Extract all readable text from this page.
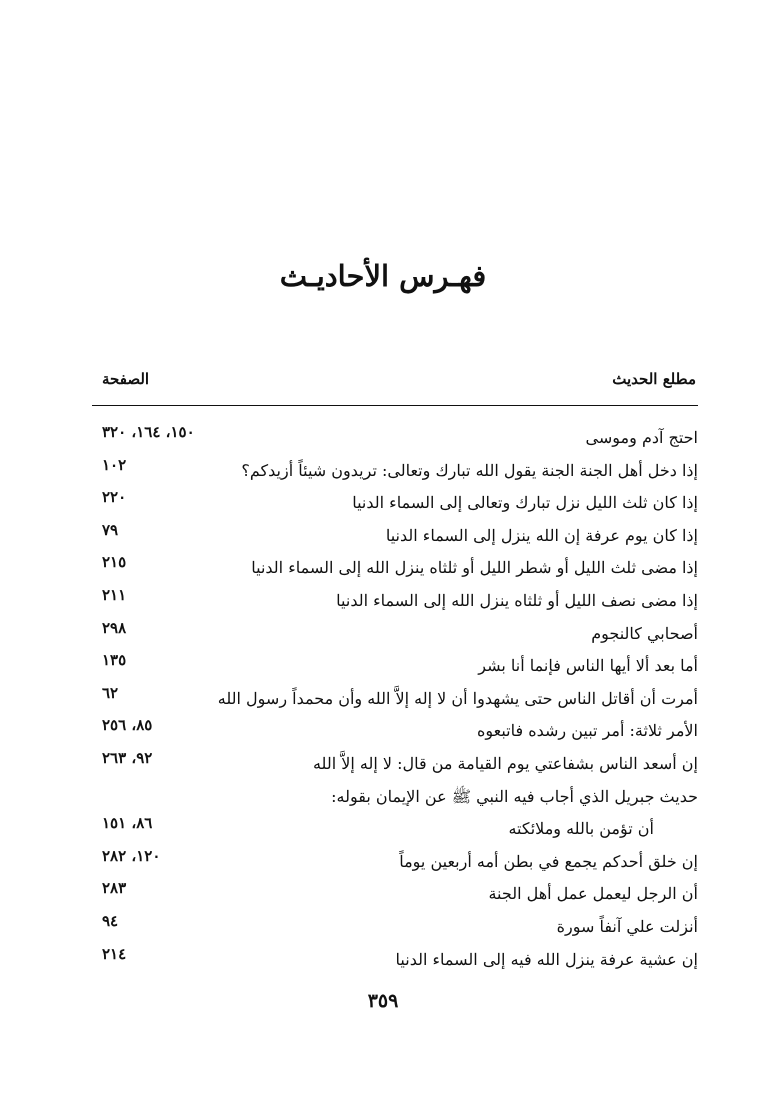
فهـرس الأحاديـث
مطلع الحديث
الصفحة
احتج آدم وموسى
١٥٠، ١٦٤، ٣٢٠
إذا دخل أهل الجنة الجنة يقول الله تبارك وتعالى: تريدون شيئاً أزيدكم؟
١٠٢
إذا كان ثلث الليل نزل تبارك وتعالى إلى السماء الدنيا
٢٢٠
إذا كان يوم عرفة إن الله ينزل إلى السماء الدنيا
٧٩
إذا مضى ثلث الليل أو شطر الليل أو ثلثاه ينزل الله إلى السماء الدنيا
٢١٥
إذا مضى نصف الليل أو ثلثاه ينزل الله إلى السماء الدنيا
٢١١
أصحابي كالنجوم
٢٩٨
أما بعد ألا أيها الناس فإنما أنا بشر
١٣٥
أمرت أن أقاتل الناس حتى يشهدوا أن لا إله إلاَّ الله وأن محمداً رسول الله
٦٢
الأمر ثلاثة: أمر تبين رشده فاتبعوه
٨٥، ٢٥٦
إن أسعد الناس بشفاعتي يوم القيامة من قال: لا إله إلاَّ الله
٩٢، ٢٦٣
حديث جبريل الذي أجاب فيه النبي ﷺ عن الإيمان بقوله:
أن تؤمن بالله وملائكته
٨٦، ١٥١
إن خلق أحدكم يجمع في بطن أمه أربعين يوماً
١٢٠، ٢٨٢
أن الرجل ليعمل عمل أهل الجنة
٢٨٣
أنزلت علي آنفاً سورة
٩٤
إن عشية عرفة ينزل الله فيه إلى السماء الدنيا
٢١٤
٣٥٩
